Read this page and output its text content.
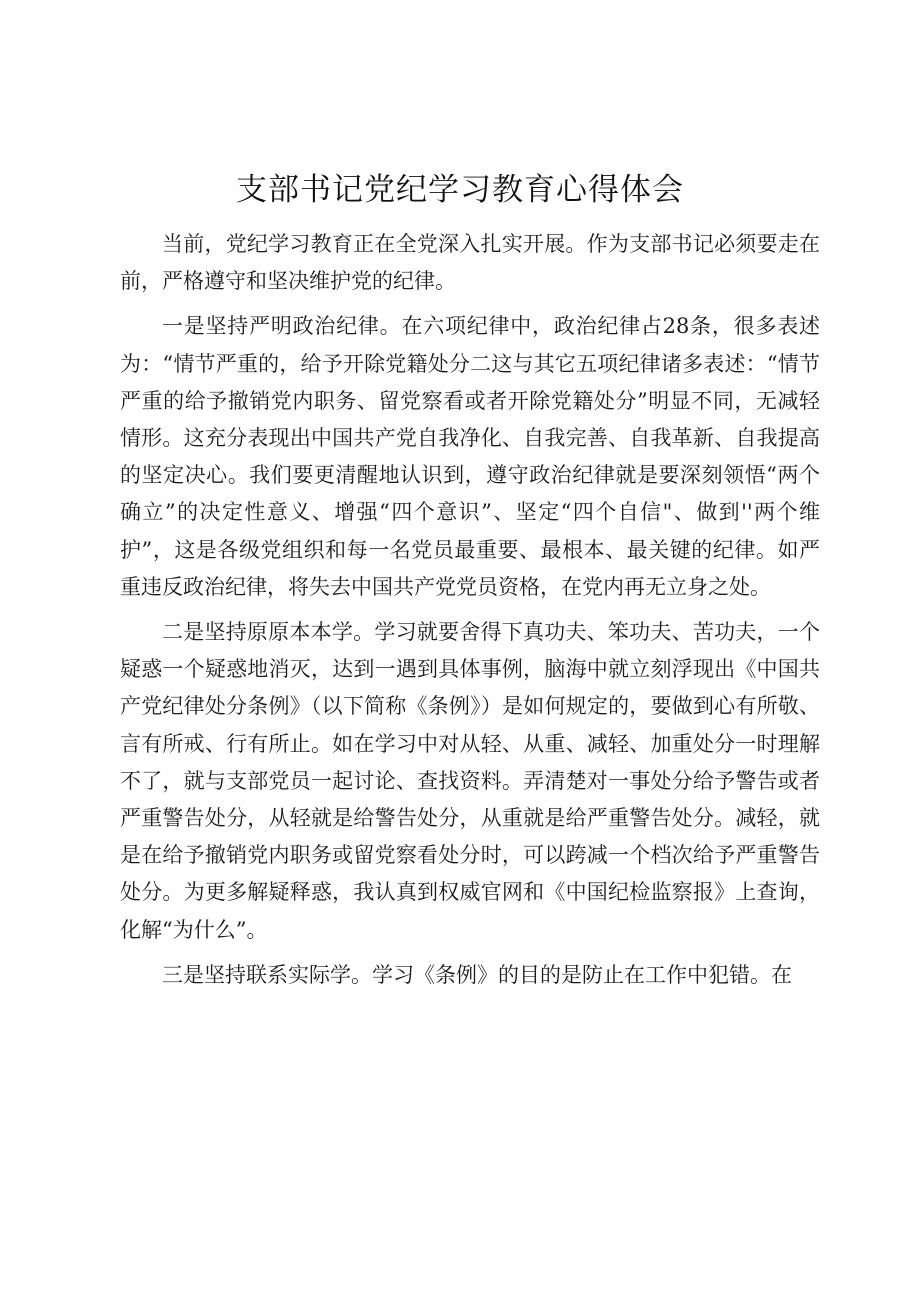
支部书记党纪学习教育心得体会

当前，党纪学习教育正在全党深入扎实开展。作为支部书记必须要走在前，严格遵守和坚决维护党的纪律。

一是坚持严明政治纪律。在六项纪律中，政治纪律占28条，很多表述为：“情节严重的，给予开除党籍处分二这与其它五项纪律诸多表述：“情节严重的给予撤销党内职务、留党察看或者开除党籍处分”明显不同，无减轻情形。这充分表现出中国共产党自我净化、自我完善、自我革新、自我提高的坚定决心。我们要更清醒地认识到，遵守政治纪律就是要深刻领悟“两个确立”的决定性意义、增强“四个意识”、坚定“四个自信"、做到''两个维护”，这是各级党组织和每一名党员最重要、最根本、最关键的纪律。如严重违反政治纪律，将失去中国共产党党员资格，在党内再无立身之处。

二是坚持原原本本学。学习就要舍得下真功夫、笨功夫、苦功夫，一个疑惑一个疑惑地消灭，达到一遇到具体事例，脑海中就立刻浮现出《中国共产党纪律处分条例》（以下简称《条例》）是如何规定的，要做到心有所敬、言有所戒、行有所止。如在学习中对从轻、从重、减轻、加重处分一时理解不了，就与支部党员一起讨论、查找资料。弄清楚对一事处分给予警告或者严重警告处分，从轻就是给警告处分，从重就是给严重警告处分。减轻，就是在给予撤销党内职务或留党察看处分时，可以跨减一个档次给予严重警告处分。为更多解疑释惑，我认真到权威官网和《中国纪检监察报》上查询，化解“为什么”。

三是坚持联系实际学。学习《条例》的目的是防止在工作中犯错。在
